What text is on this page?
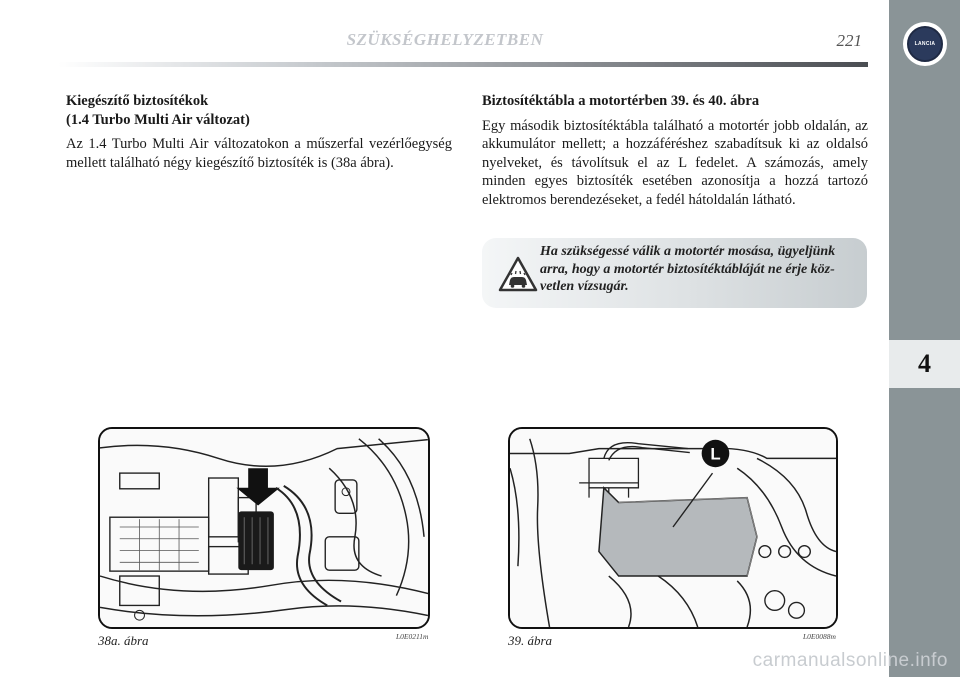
SZÜKSÉGHELYZETBEN	221	LANCIA
4
Kiegészítő biztosítékok
(1.4 Turbo Multi Air változat)

Az 1.4 Turbo Multi Air változatokon a műszerfal vezérlőegység mellett található négy kiegészítő biztosíték is (38a ábra).

Biztosítéktábla a motortérben 39. és 40. ábra

Egy második biztosítéktábla található a motortér jobb oldalán, az akkumulátor mellett; a hozzáféréshez szabadítsuk ki az oldalsó nyelveket, és távolítsuk el az L fedelet. A számozás, amely minden egyes biztosíték esetében azonosítja a hozzá tartozó elektromos berendezéseket, a fedél hátoldalán látható.

Ha szükségessé válik a motortér mosása, ügyeljünk arra, hogy a motortér biztosítéktábláját ne érje közvetlen vízsugár.
L
38a. ábra	L0E0211m	39. ábra	L0E0088m
carmanualsonline.info
